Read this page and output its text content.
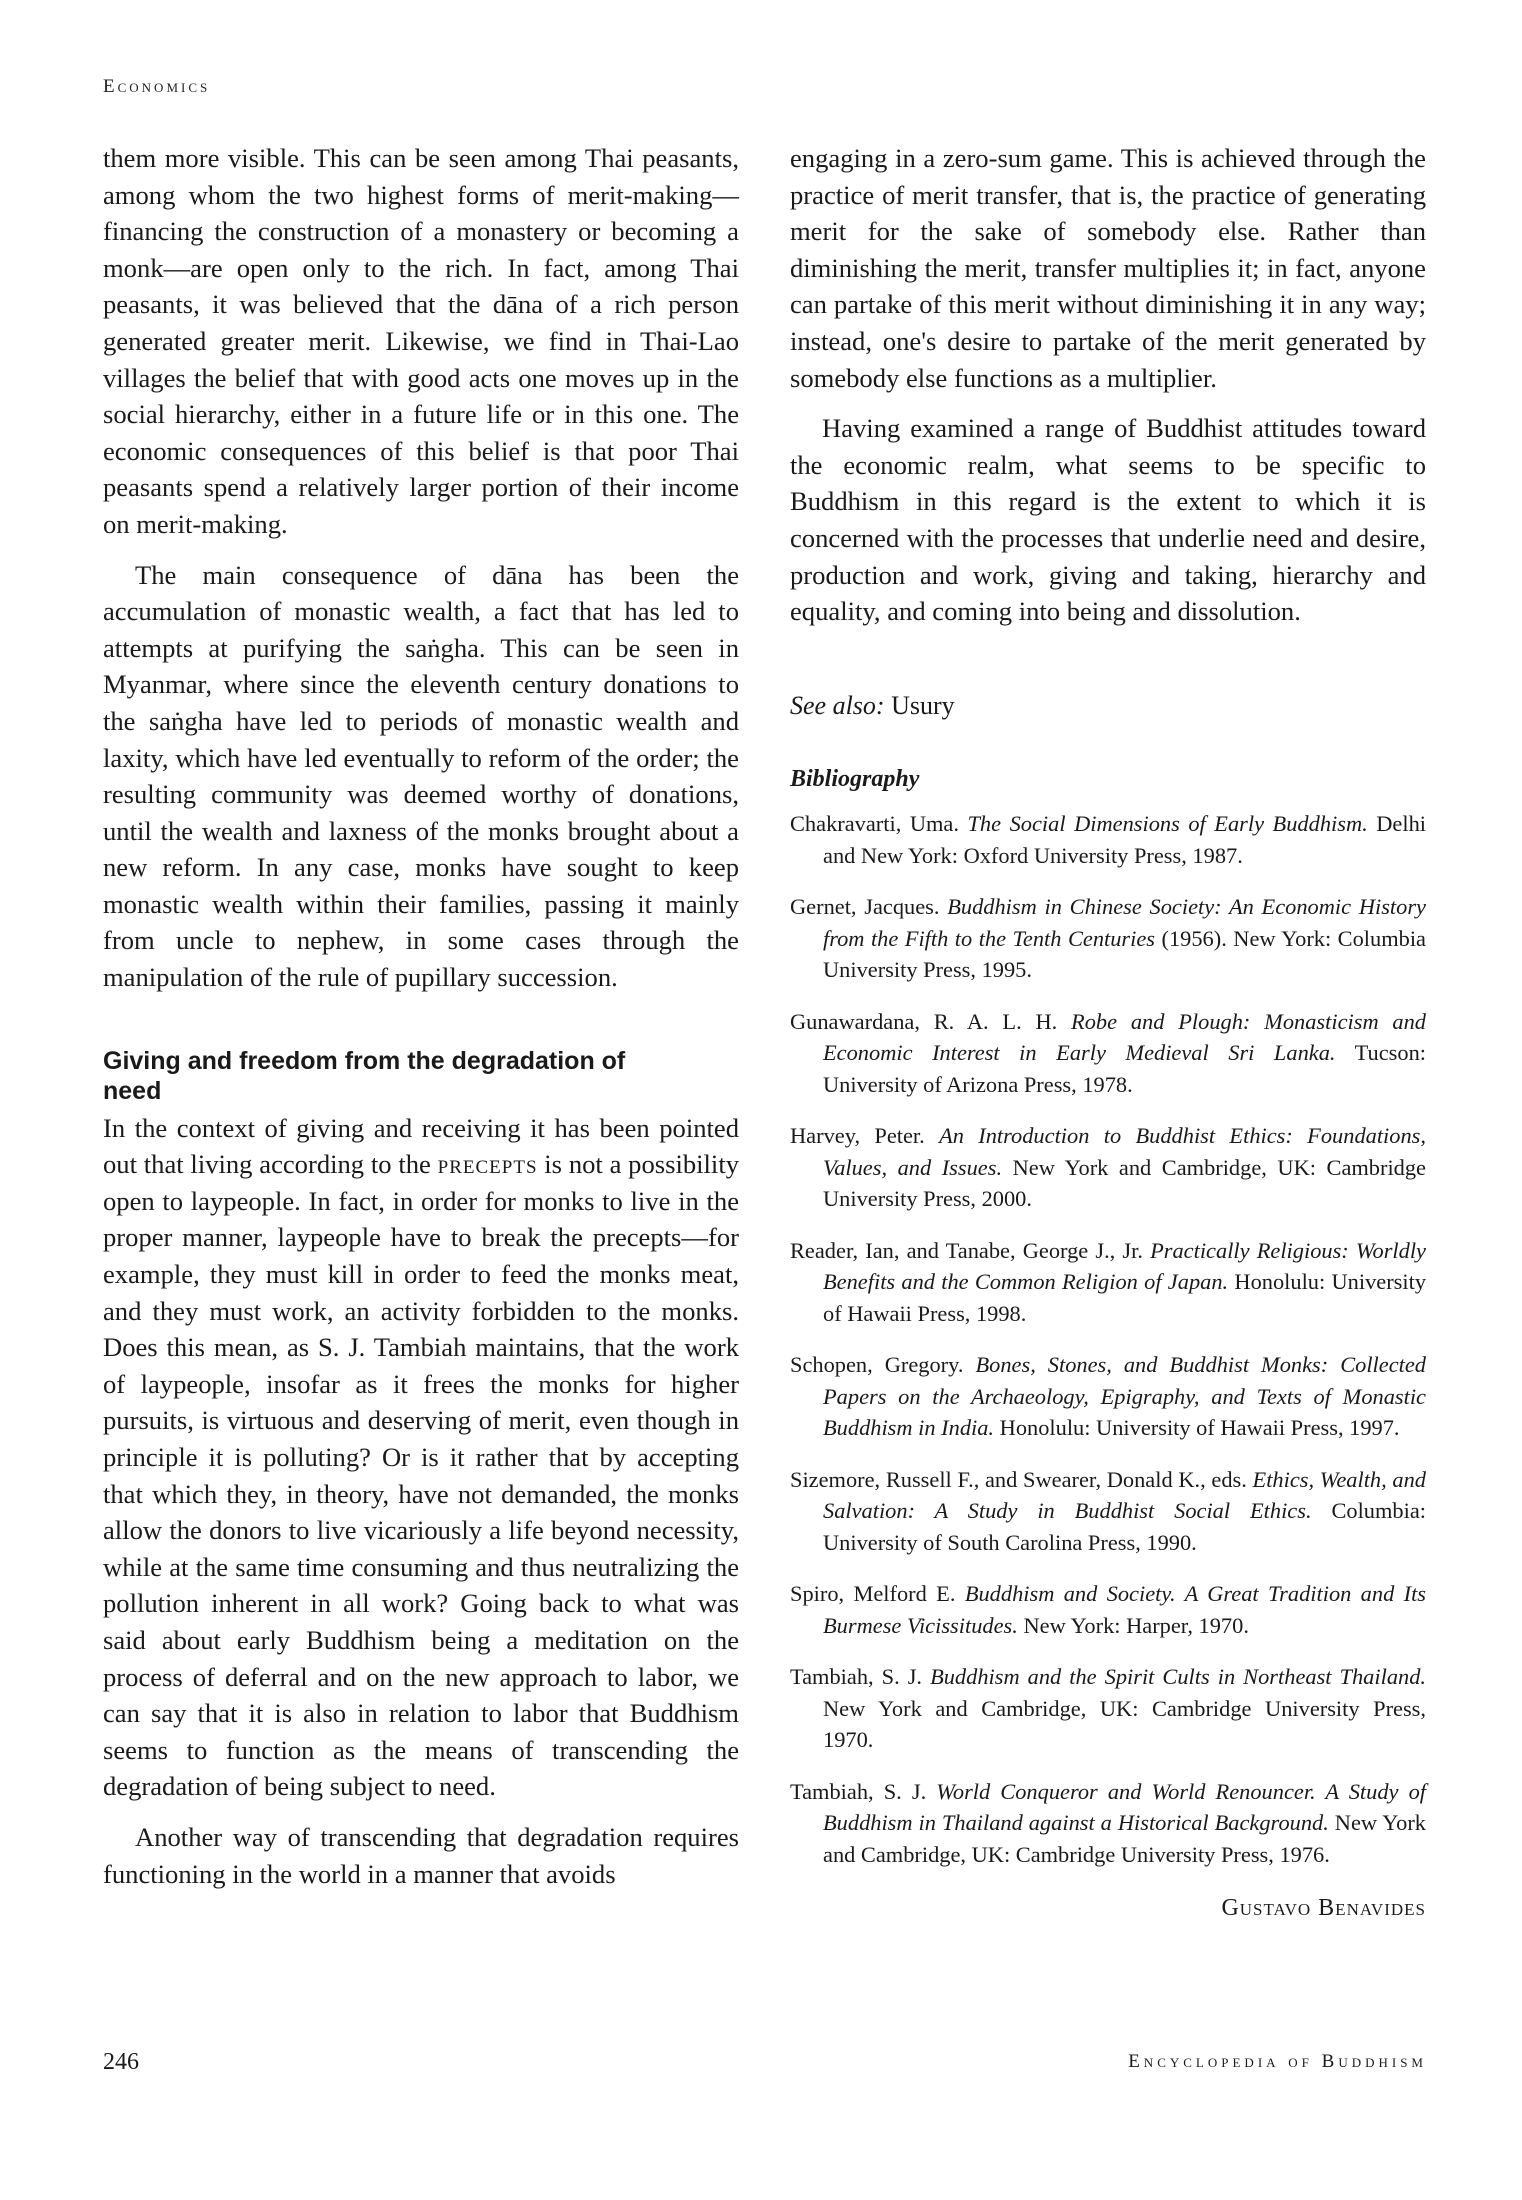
Economics

them more visible. This can be seen among Thai peasants, among whom the two highest forms of merit-making—financing the construction of a monastery or becoming a monk—are open only to the rich. In fact, among Thai peasants, it was believed that the dāna of a rich person generated greater merit. Likewise, we find in Thai-Lao villages the belief that with good acts one moves up in the social hierarchy, either in a future life or in this one. The economic consequences of this belief is that poor Thai peasants spend a relatively larger portion of their income on merit-making.

The main consequence of dāna has been the accumulation of monastic wealth, a fact that has led to attempts at purifying the saṅgha. This can be seen in Myanmar, where since the eleventh century donations to the saṅgha have led to periods of monastic wealth and laxity, which have led eventually to reform of the order; the resulting community was deemed worthy of donations, until the wealth and laxness of the monks brought about a new reform. In any case, monks have sought to keep monastic wealth within their families, passing it mainly from uncle to nephew, in some cases through the manipulation of the rule of pupillary succession.

Giving and freedom from the degradation of need

In the context of giving and receiving it has been pointed out that living according to the precepts is not a possibility open to laypeople. In fact, in order for monks to live in the proper manner, laypeople have to break the precepts—for example, they must kill in order to feed the monks meat, and they must work, an activity forbidden to the monks. Does this mean, as S. J. Tambiah maintains, that the work of laypeople, insofar as it frees the monks for higher pursuits, is virtuous and deserving of merit, even though in principle it is polluting? Or is it rather that by accepting that which they, in theory, have not demanded, the monks allow the donors to live vicariously a life beyond necessity, while at the same time consuming and thus neutralizing the pollution inherent in all work? Going back to what was said about early Buddhism being a meditation on the process of deferral and on the new approach to labor, we can say that it is also in relation to labor that Buddhism seems to function as the means of transcending the degradation of being subject to need.

Another way of transcending that degradation requires functioning in the world in a manner that avoids

engaging in a zero-sum game. This is achieved through the practice of merit transfer, that is, the practice of generating merit for the sake of somebody else. Rather than diminishing the merit, transfer multiplies it; in fact, anyone can partake of this merit without diminishing it in any way; instead, one's desire to partake of the merit generated by somebody else functions as a multiplier.

Having examined a range of Buddhist attitudes toward the economic realm, what seems to be specific to Buddhism in this regard is the extent to which it is concerned with the processes that underlie need and desire, production and work, giving and taking, hierarchy and equality, and coming into being and dissolution.

See also: Usury

Bibliography
Chakravarti, Uma. The Social Dimensions of Early Buddhism. Delhi and New York: Oxford University Press, 1987.
Gernet, Jacques. Buddhism in Chinese Society: An Economic History from the Fifth to the Tenth Centuries (1956). New York: Columbia University Press, 1995.
Gunawardana, R. A. L. H. Robe and Plough: Monasticism and Economic Interest in Early Medieval Sri Lanka. Tucson: University of Arizona Press, 1978.
Harvey, Peter. An Introduction to Buddhist Ethics: Foundations, Values, and Issues. New York and Cambridge, UK: Cambridge University Press, 2000.
Reader, Ian, and Tanabe, George J., Jr. Practically Religious: Worldly Benefits and the Common Religion of Japan. Honolulu: University of Hawaii Press, 1998.
Schopen, Gregory. Bones, Stones, and Buddhist Monks: Collected Papers on the Archaeology, Epigraphy, and Texts of Monastic Buddhism in India. Honolulu: University of Hawaii Press, 1997.
Sizemore, Russell F., and Swearer, Donald K., eds. Ethics, Wealth, and Salvation: A Study in Buddhist Social Ethics. Columbia: University of South Carolina Press, 1990.
Spiro, Melford E. Buddhism and Society. A Great Tradition and Its Burmese Vicissitudes. New York: Harper, 1970.
Tambiah, S. J. Buddhism and the Spirit Cults in Northeast Thailand. New York and Cambridge, UK: Cambridge University Press, 1970.
Tambiah, S. J. World Conqueror and World Renouncer. A Study of Buddhism in Thailand against a Historical Background. New York and Cambridge, UK: Cambridge University Press, 1976.
Gustavo Benavides
246	Encyclopedia of Buddhism
